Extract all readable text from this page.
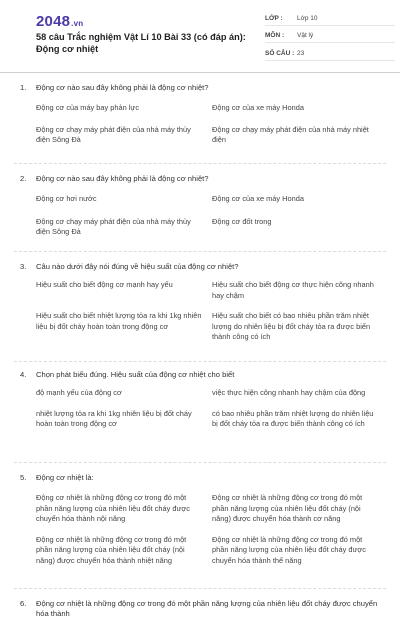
2048.vn
58 câu Trắc nghiệm Vật Lí 10 Bài 33 (có đáp án): Động cơ nhiệt
LỚP :	Lớp 10
MÔN :	Vật lý
SỐ CÂU : 23
1.	Động cơ nào sau đây không phải là động cơ nhiệt?
Động cơ của máy bay phản lực	Động cơ của xe máy Honda
Động cơ chạy máy phát điện của nhà máy thủy điện Sông Đà
Động cơ chạy máy phát điện của nhà máy nhiệt điện
2.	Động cơ nào sau đây không phải là động cơ nhiệt?
Động cơ hơi nước	Động cơ của xe máy Honda
Động cơ chạy máy phát điện của nhà máy thủy điện Sông Đà
Động cơ đốt trong
3.	Câu nào dưới đây nói đúng về hiệu suất của động cơ nhiệt?
Hiệu suất cho biết động cơ mạnh hay yếu	Hiệu suất cho biết động cơ thực hiện công nhanh hay chậm
Hiệu suất cho biết nhiệt lượng tỏa ra khi 1kg nhiên liệu bị đốt cháy hoàn toàn trong động cơ
Hiệu suất cho biết có bao nhiêu phần trăm nhiệt lượng do nhiên liệu bị đốt cháy tỏa ra được biến thành công có ích
4.	Chọn phát biểu đúng. Hiệu suất của động cơ nhiệt cho biết
độ mạnh yếu của động cơ	việc thực hiện công nhanh hay chậm của động
nhiệt lượng tỏa ra khi 1kg nhiên liệu bị đốt cháy hoàn toàn trong động cơ
có bao nhiêu phần trăm nhiệt lượng do nhiên liệu bị đốt cháy tỏa ra được biến thành công có ích
5.	Động cơ nhiệt là:
Động cơ nhiệt là những động cơ trong đó một phần năng lượng của nhiên liệu đốt cháy được chuyển hóa thành nội năng
Động cơ nhiệt là những động cơ trong đó một phần năng lượng của nhiên liệu đốt cháy (nội năng) được chuyển hóa thành cơ năng
Động cơ nhiệt là những động cơ trong đó một phần năng lượng của nhiên liệu đốt cháy (nội năng) được chuyển hóa thành nhiệt năng
Động cơ nhiệt là những động cơ trong đó một phần năng lượng của nhiên liệu đốt cháy được chuyển hóa thành thế năng
6.	Động cơ nhiệt là những động cơ trong đó một phần năng lượng của nhiên liệu đốt cháy được chuyển hóa thành
